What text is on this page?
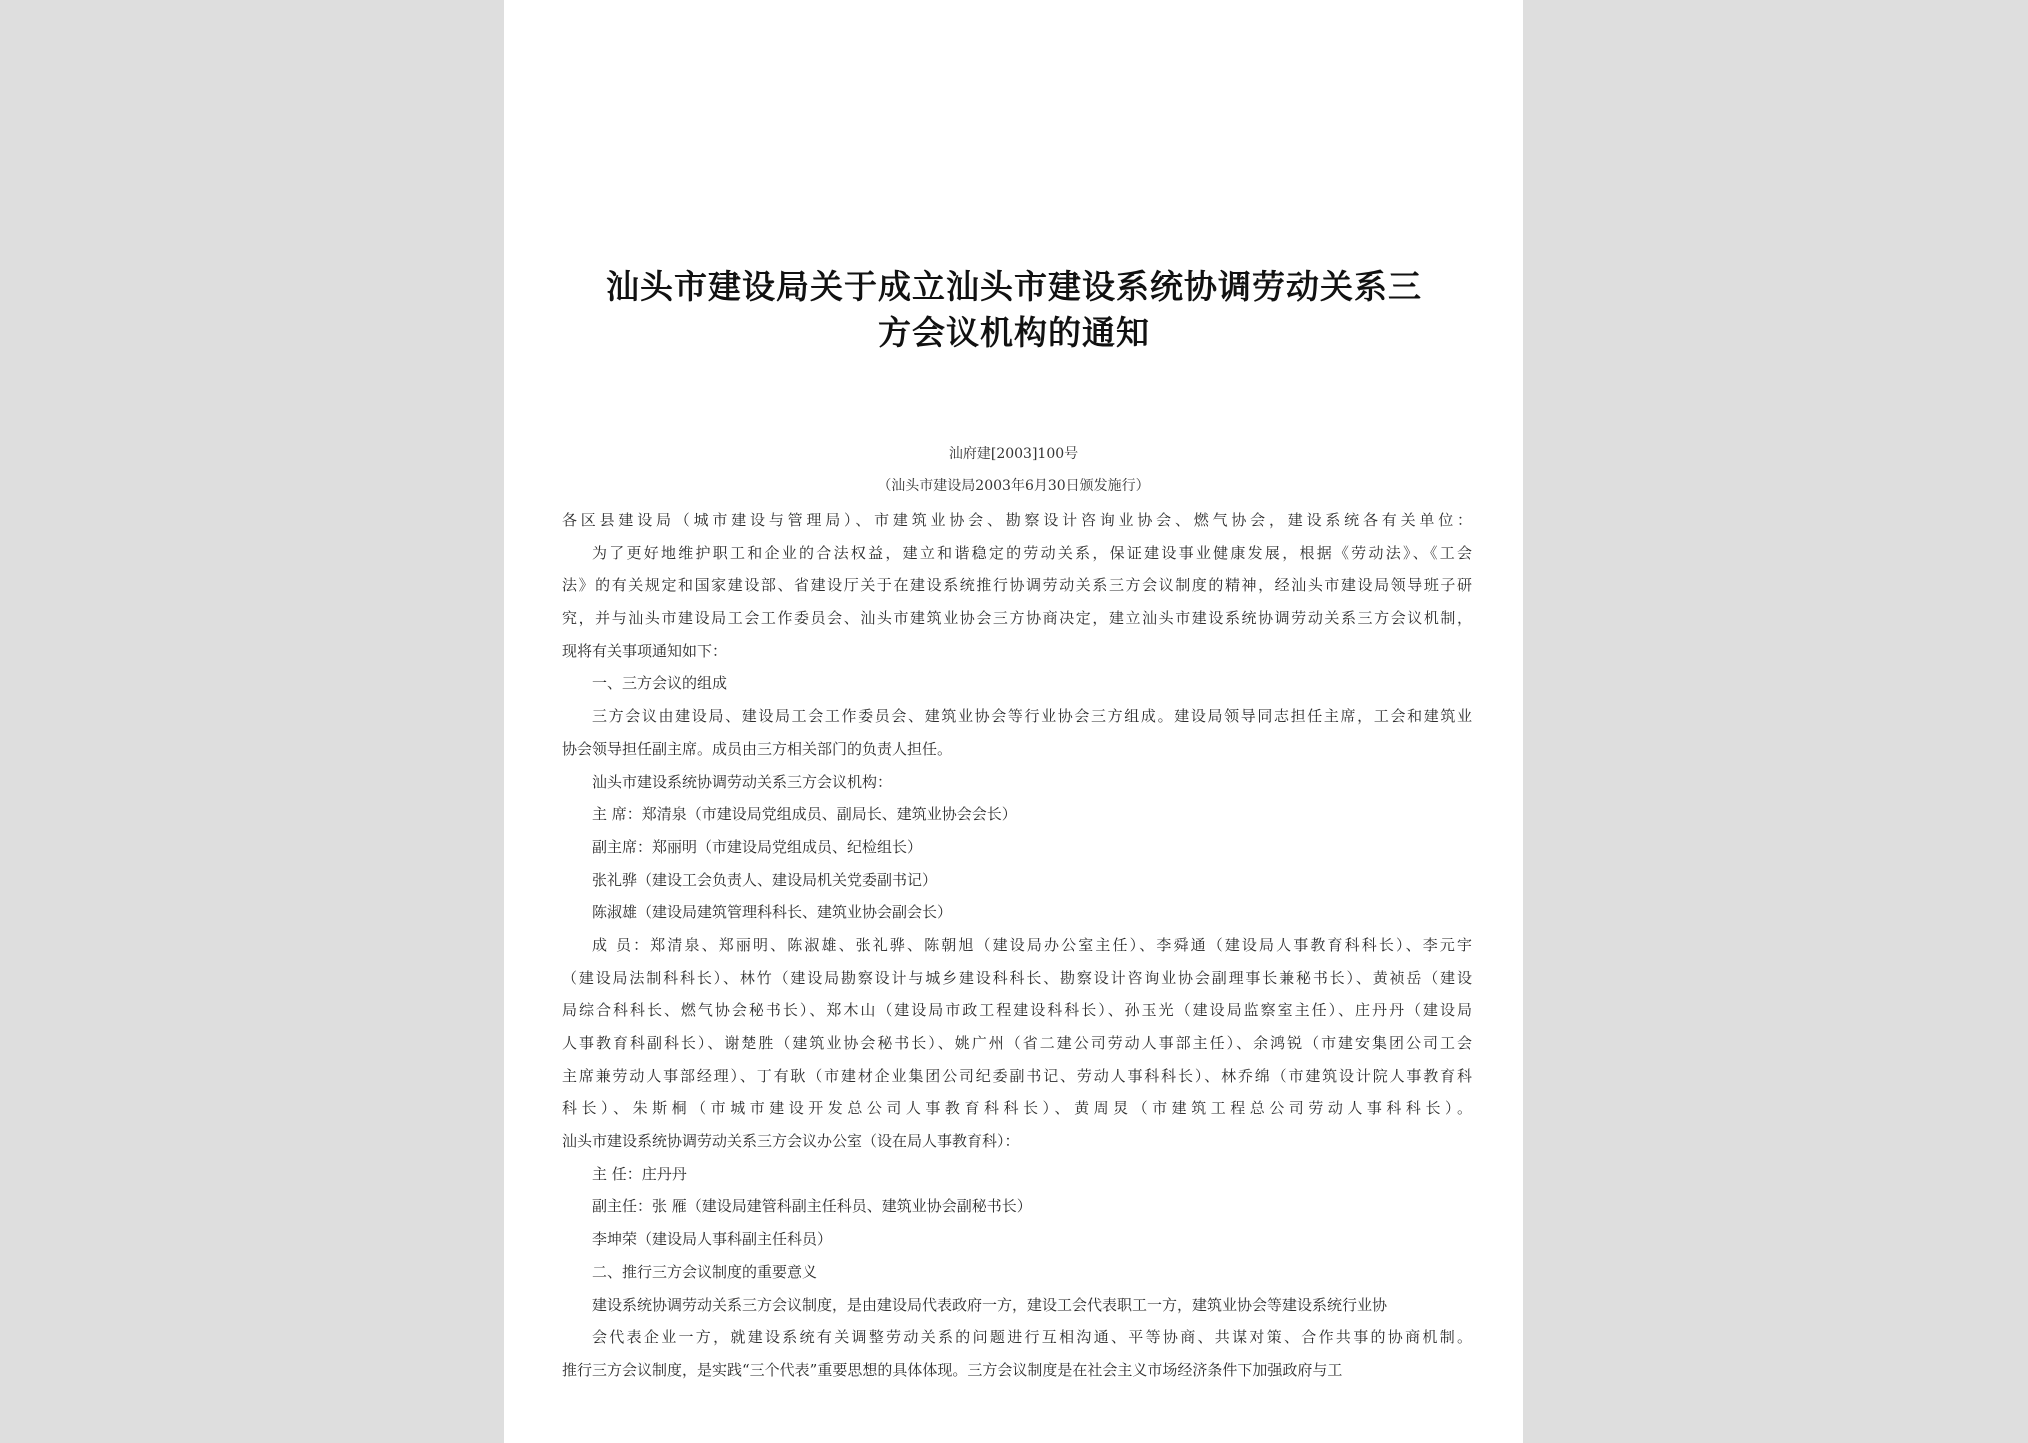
汕头市建设局关于成立汕头市建设系统协调劳动关系三
方会议机构的通知
汕府建[2003]100号
（汕头市建设局2003年6月30日颁发施行）
各区县建设局（城市建设与管理局）、市建筑业协会、勘察设计咨询业协会、燃气协会，建设系统各有关单位：
为了更好地维护职工和企业的合法权益，建立和谐稳定的劳动关系，保证建设事业健康发展，根据《劳动法》、《工会
法》的有关规定和国家建设部、省建设厅关于在建设系统推行协调劳动关系三方会议制度的精神，经汕头市建设局领导班子研
究，并与汕头市建设局工会工作委员会、汕头市建筑业协会三方协商决定，建立汕头市建设系统协调劳动关系三方会议机制，
现将有关事项通知如下：
一、三方会议的组成
三方会议由建设局、建设局工会工作委员会、建筑业协会等行业协会三方组成。建设局领导同志担任主席，工会和建筑业
协会领导担任副主席。成员由三方相关部门的负责人担任。
汕头市建设系统协调劳动关系三方会议机构：
主 席：郑清泉（市建设局党组成员、副局长、建筑业协会会长）
副主席：郑丽明（市建设局党组成员、纪检组长）
张礼骅（建设工会负责人、建设局机关党委副书记）
陈淑雄（建设局建筑管理科科长、建筑业协会副会长）
成 员：郑清泉、郑丽明、陈淑雄、张礼骅、陈朝旭（建设局办公室主任）、李舜通（建设局人事教育科科长）、李元宇
（建设局法制科科长）、林竹（建设局勘察设计与城乡建设科科长、勘察设计咨询业协会副理事长兼秘书长）、黄祯岳（建设
局综合科科长、燃气协会秘书长）、郑木山（建设局市政工程建设科科长）、孙玉光（建设局监察室主任）、庄丹丹（建设局
人事教育科副科长）、谢楚胜（建筑业协会秘书长）、姚广州（省二建公司劳动人事部主任）、余鸿锐（市建安集团公司工会
主席兼劳动人事部经理）、丁有耿（市建材企业集团公司纪委副书记、劳动人事科科长）、林乔绵（市建筑设计院人事教育科
科长）、朱斯桐（市城市建设开发总公司人事教育科科长）、黄周炅（市建筑工程总公司劳动人事科科长）。
汕头市建设系统协调劳动关系三方会议办公室（设在局人事教育科）：
主 任：庄丹丹
副主任：张 雁（建设局建管科副主任科员、建筑业协会副秘书长）
李坤荣（建设局人事科副主任科员）
二、推行三方会议制度的重要意义
建设系统协调劳动关系三方会议制度，是由建设局代表政府一方，建设工会代表职工一方，建筑业协会等建设系统行业协
会代表企业一方，就建设系统有关调整劳动关系的问题进行互相沟通、平等协商、共谋对策、合作共事的协商机制。
推行三方会议制度，是实践“三个代表”重要思想的具体体现。三方会议制度是在社会主义市场经济条件下加强政府与工
